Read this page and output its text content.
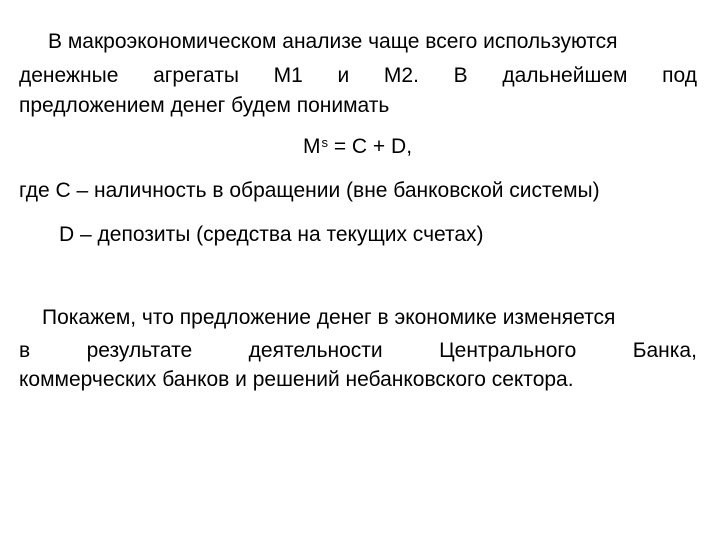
В макроэкономическом анализе чаще всего используются
денежные агрегаты М1 и М2. В дальнейшем под
предложением денег будем понимать
$M^s = C + D$,
где С – наличность в обращении (вне банковской системы)
D – депозиты (средства на текущих счетах)
Покажем, что предложение денег в экономике изменяется
в	результате	деятельности	Центрального	Банка,
коммерческих банков и решений небанковского сектора.
